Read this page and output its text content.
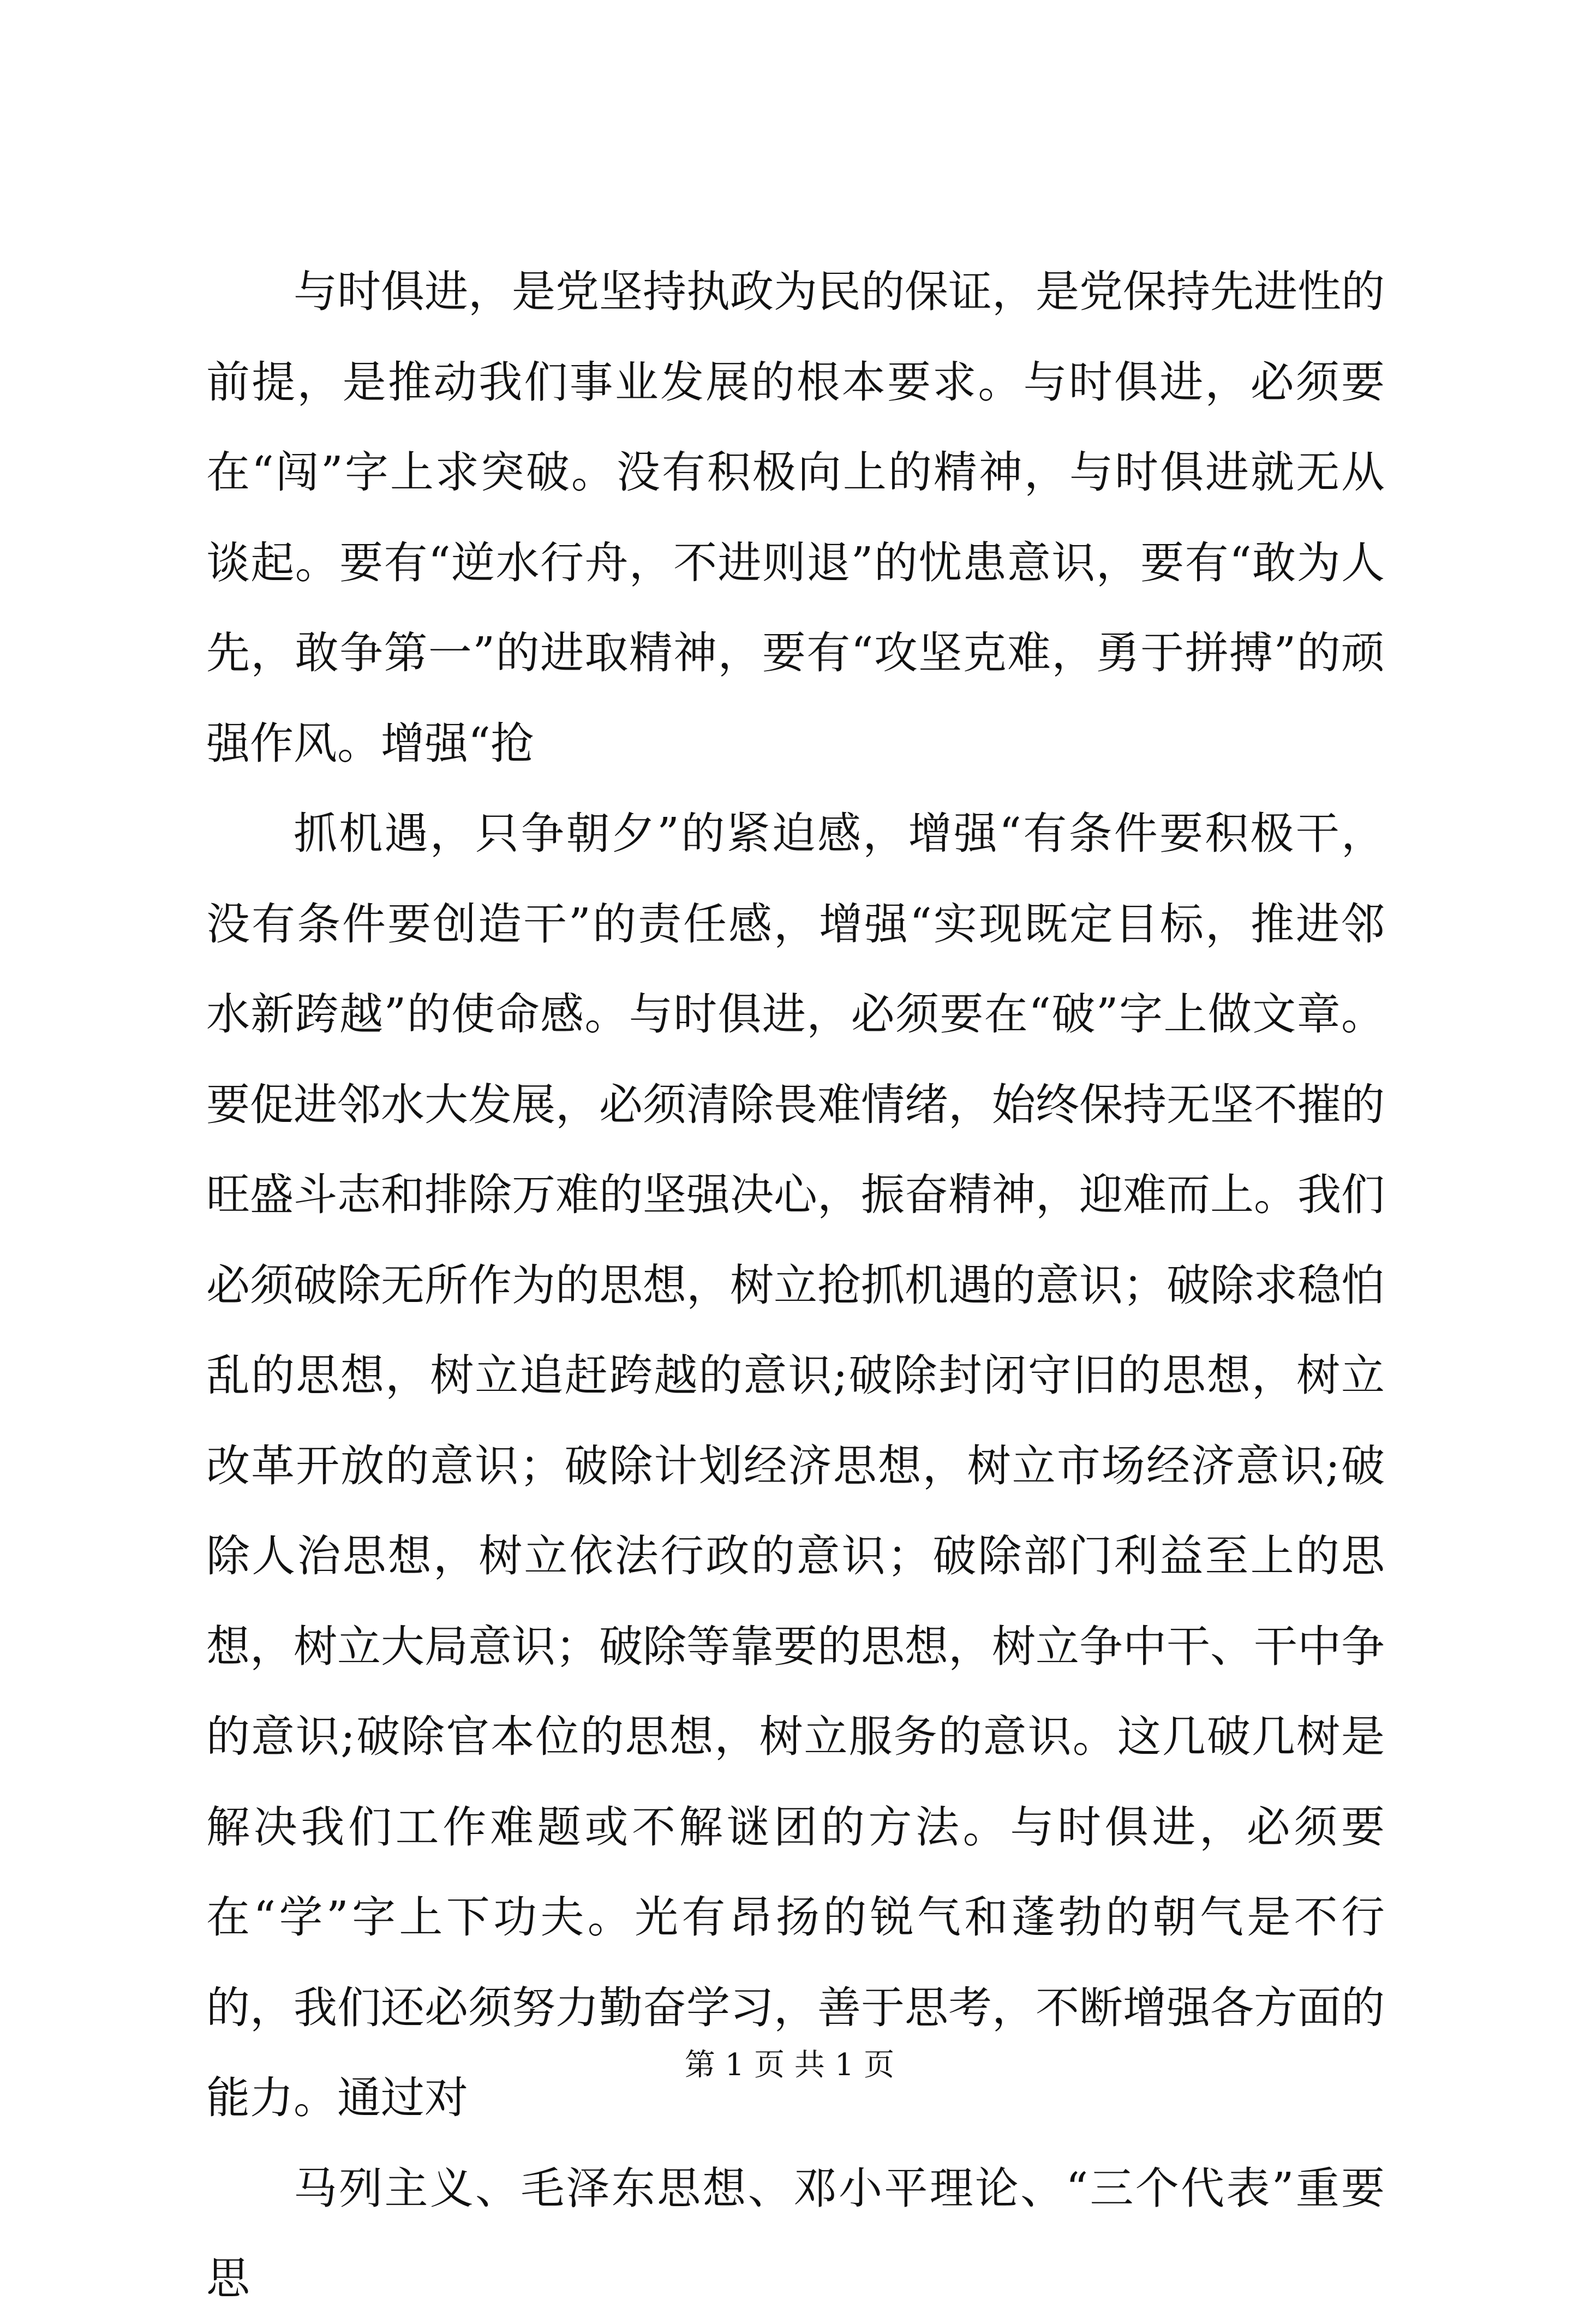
与时俱进，是党坚持执政为民的保证，是党保持先进性的前提，是推动我们事业发展的根本要求。与时俱进，必须要在“闯”字上求突破。没有积极向上的精神，与时俱进就无从谈起。要有“逆水行舟，不进则退”的忧患意识，要有“敢为人先，敢争第一”的进取精神，要有“攻坚克难，勇于拼搏”的顽强作风。增强“抢

抓机遇，只争朝夕”的紧迫感，增强“有条件要积极干，没有条件要创造干”的责任感，增强“实现既定目标，推进邻水新跨越”的使命感。与时俱进，必须要在“破”字上做文章。要促进邻水大发展，必须清除畏难情绪，始终保持无坚不摧的旺盛斗志和排除万难的坚强决心，振奋精神，迎难而上。我们必须破除无所作为的思想，树立抢抓机遇的意识；破除求稳怕乱的思想，树立追赶跨越的意识;破除封闭守旧的思想，树立改革开放的意识；破除计划经济思想，树立市场经济意识;破除人治思想，树立依法行政的意识；破除部门利益至上的思想，树立大局意识；破除等靠要的思想，树立争中干、干中争的意识;破除官本位的思想，树立服务的意识。这几破几树是解决我们工作难题或不解谜团的方法。与时俱进，必须要在“学”字上下功夫。光有昂扬的锐气和蓬勃的朝气是不行的，我们还必须努力勤奋学习，善于思考，不断增强各方面的能力。通过对

马列主义、毛泽东思想、邓小平理论、“三个代表”重要思

第 1 页 共 1 页
